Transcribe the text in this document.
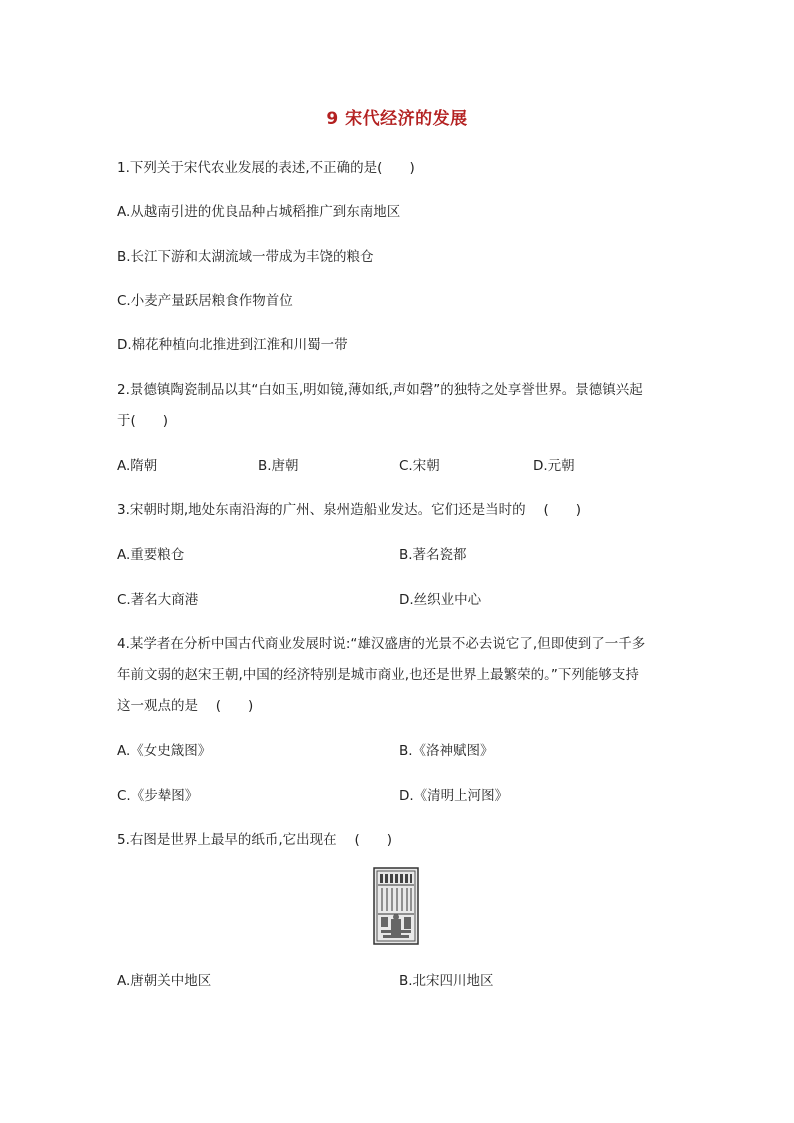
9 宋代经济的发展
1.下列关于宋代农业发展的表述,不正确的是(　　)
A.从越南引进的优良品种占城稻推广到东南地区
B.长江下游和太湖流域一带成为丰饶的粮仓
C.小麦产量跃居粮食作物首位
D.棉花种植向北推进到江淮和川蜀一带
2.景德镇陶瓷制品以其“白如玉,明如镜,薄如纸,声如磬”的独特之处享誉世界。景德镇兴起
于(　　)
A.隋朝	B.唐朝	C.宋朝	D.元朝
3.宋朝时期,地处东南沿海的广州、泉州造船业发达。它们还是当时的　 (　　)
A.重要粮仓	B.著名瓷都
C.著名大商港	D.丝织业中心
4.某学者在分析中国古代商业发展时说:“雄汉盛唐的光景不必去说它了,但即使到了一千多
年前文弱的赵宋王朝,中国的经济特别是城市商业,也还是世界上最繁荣的。”下列能够支持
这一观点的是　 (　　)
A.《女史箴图》	B.《洛神赋图》
C.《步辇图》	D.《清明上河图》
5.右图是世界上最早的纸币,它出现在　 (　　)
A.唐朝关中地区	B.北宋四川地区
